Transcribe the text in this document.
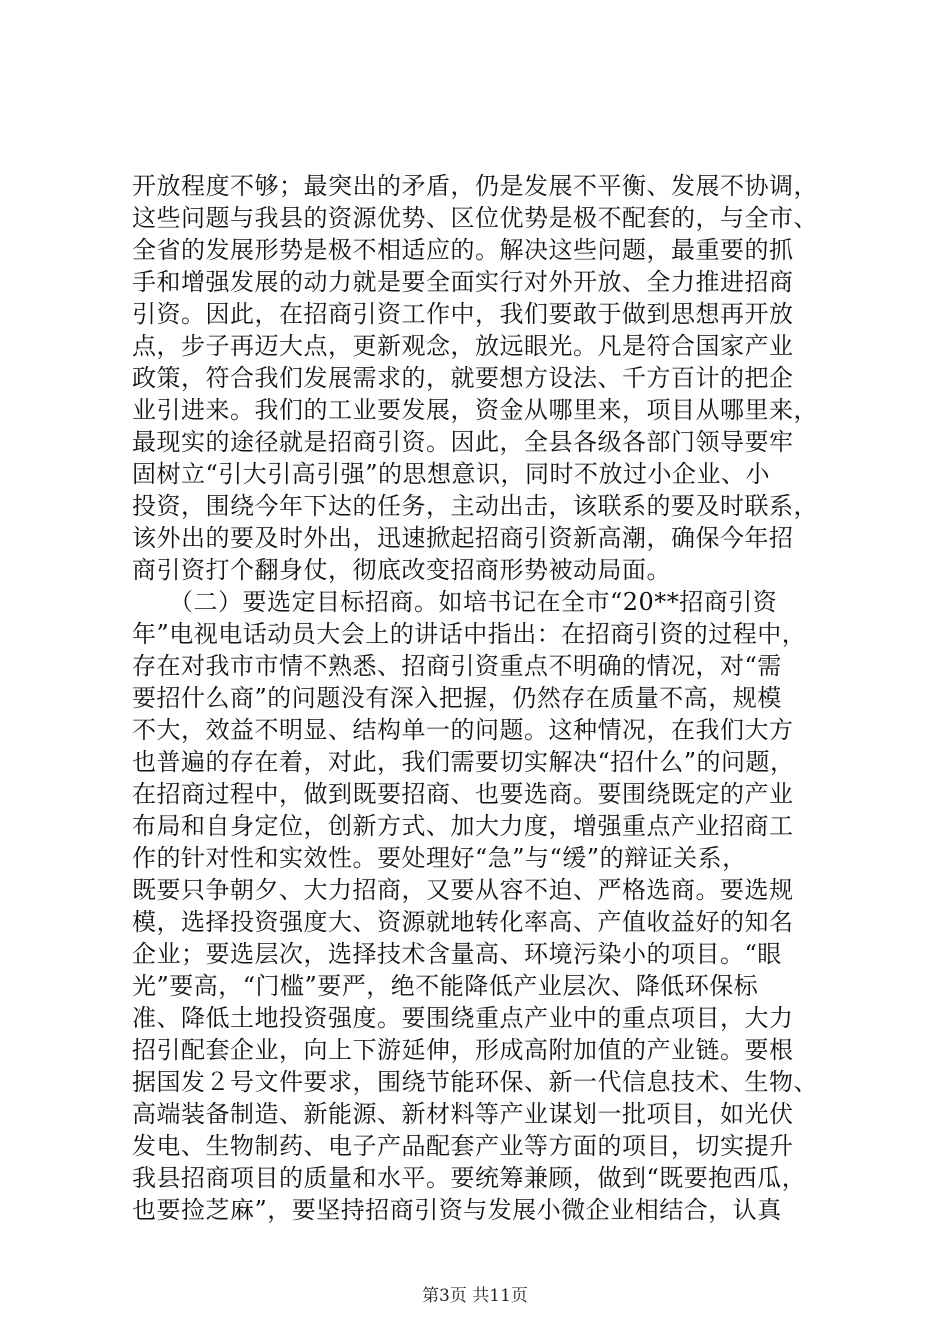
开放程度不够；最突出的矛盾，仍是发展不平衡、发展不协调，
这些问题与我县的资源优势、区位优势是极不配套的，与全市、
全省的发展形势是极不相适应的。解决这些问题，最重要的抓
手和增强发展的动力就是要全面实行对外开放、全力推进招商
引资。因此，在招商引资工作中，我们要敢于做到思想再开放
点，步子再迈大点，更新观念，放远眼光。凡是符合国家产业
政策，符合我们发展需求的，就要想方设法、千方百计的把企
业引进来。我们的工业要发展，资金从哪里来，项目从哪里来，
最现实的途径就是招商引资。因此，全县各级各部门领导要牢
固树立“引大引高引强”的思想意识，同时不放过小企业、小
投资，围绕今年下达的任务，主动出击，该联系的要及时联系，
该外出的要及时外出，迅速掀起招商引资新高潮，确保今年招
商引资打个翻身仗，彻底改变招商形势被动局面。
　　（二）要选定目标招商。如培书记在全市“20**招商引资
年”电视电话动员大会上的讲话中指出：在招商引资的过程中，
存在对我市市情不熟悉、招商引资重点不明确的情况，对“需
要招什么商”的问题没有深入把握，仍然存在质量不高，规模
不大，效益不明显、结构单一的问题。这种情况，在我们大方
也普遍的存在着，对此，我们需要切实解决“招什么”的问题，
在招商过程中，做到既要招商、也要选商。要围绕既定的产业
布局和自身定位，创新方式、加大力度，增强重点产业招商工
作的针对性和实效性。要处理好“急”与“缓”的辩证关系，
既要只争朝夕、大力招商，又要从容不迫、严格选商。要选规
模，选择投资强度大、资源就地转化率高、产值收益好的知名
企业；要选层次，选择技术含量高、环境污染小的项目。“眼
光”要高，“门槛”要严，绝不能降低产业层次、降低环保标
准、降低土地投资强度。要围绕重点产业中的重点项目，大力
招引配套企业，向上下游延伸，形成高附加值的产业链。要根
据国发２号文件要求，围绕节能环保、新一代信息技术、生物、
高端装备制造、新能源、新材料等产业谋划一批项目，如光伏
发电、生物制药、电子产品配套产业等方面的项目，切实提升
我县招商项目的质量和水平。要统筹兼顾，做到“既要抱西瓜，
也要捡芝麻”，要坚持招商引资与发展小微企业相结合，认真
第3页 共11页
